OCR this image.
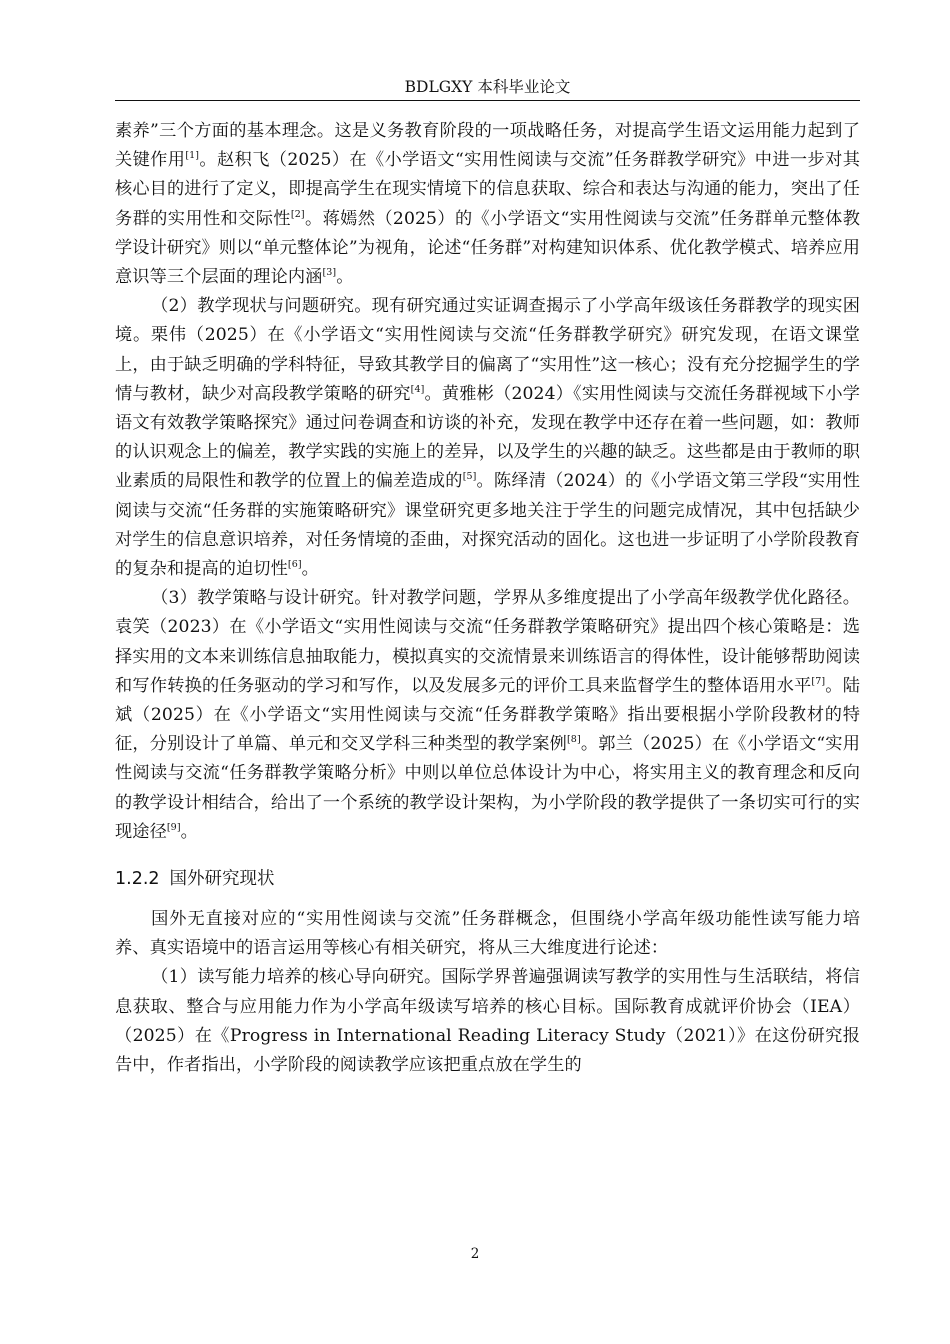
BDLGXY 本科毕业论文

素养”三个方面的基本理念。这是义务教育阶段的一项战略任务，对提高学生语文运用能力起到了关键作用[1]。赵积飞（2025）在《小学语文“实用性阅读与交流”任务群教学研究》中进一步对其核心目的进行了定义，即提高学生在现实情境下的信息获取、综合和表达与沟通的能力，突出了任务群的实用性和交际性[2]。蒋嫣然（2025）的《小学语文“实用性阅读与交流”任务群单元整体教学设计研究》则以“单元整体论”为视角，论述“任务群”对构建知识体系、优化教学模式、培养应用意识等三个层面的理论内涵[3]。

（2）教学现状与问题研究。现有研究通过实证调查揭示了小学高年级该任务群教学的现实困境。栗伟（2025）在《小学语文“实用性阅读与交流“任务群教学研究》研究发现，在语文课堂上，由于缺乏明确的学科特征，导致其教学目的偏离了“实用性”这一核心；没有充分挖掘学生的学情与教材，缺少对高段教学策略的研究[4]。黄雅彬（2024）《实用性阅读与交流任务群视域下小学语文有效教学策略探究》通过问卷调查和访谈的补充，发现在教学中还存在着一些问题，如：教师的认识观念上的偏差，教学实践的实施上的差异，以及学生的兴趣的缺乏。这些都是由于教师的职业素质的局限性和教学的位置上的偏差造成的[5]。陈绎清（2024）的《小学语文第三学段“实用性阅读与交流“任务群的实施策略研究》课堂研究更多地关注于学生的问题完成情况，其中包括缺少对学生的信息意识培养，对任务情境的歪曲，对探究活动的固化。这也进一步证明了小学阶段教育的复杂和提高的迫切性[6]。

（3）教学策略与设计研究。针对教学问题，学界从多维度提出了小学高年级教学优化路径。袁笑（2023）在《小学语文“实用性阅读与交流“任务群教学策略研究》提出四个核心策略是：选择实用的文本来训练信息抽取能力，模拟真实的交流情景来训练语言的得体性，设计能够帮助阅读和写作转换的任务驱动的学习和写作，以及发展多元的评价工具来监督学生的整体语用水平[7]。陆斌（2025）在《小学语文“实用性阅读与交流“任务群教学策略》指出要根据小学阶段教材的特征，分别设计了单篇、单元和交叉学科三种类型的教学案例[8]。郭兰（2025）在《小学语文“实用性阅读与交流“任务群教学策略分析》中则以单位总体设计为中心，将实用主义的教育理念和反向的教学设计相结合，给出了一个系统的教学设计架构，为小学阶段的教学提供了一条切实可行的实现途径[9]。

1.2.2 国外研究现状

国外无直接对应的“实用性阅读与交流”任务群概念，但围绕小学高年级功能性读写能力培养、真实语境中的语言运用等核心有相关研究，将从三大维度进行论述：

（1）读写能力培养的核心导向研究。国际学界普遍强调读写教学的实用性与生活联结，将信息获取、整合与应用能力作为小学高年级读写培养的核心目标。国际教育成就评价协会（IEA）（2025）在《Progress in International Reading Literacy Study（2021）》在这份研究报告中，作者指出，小学阶段的阅读教学应该把重点放在学生的

2
